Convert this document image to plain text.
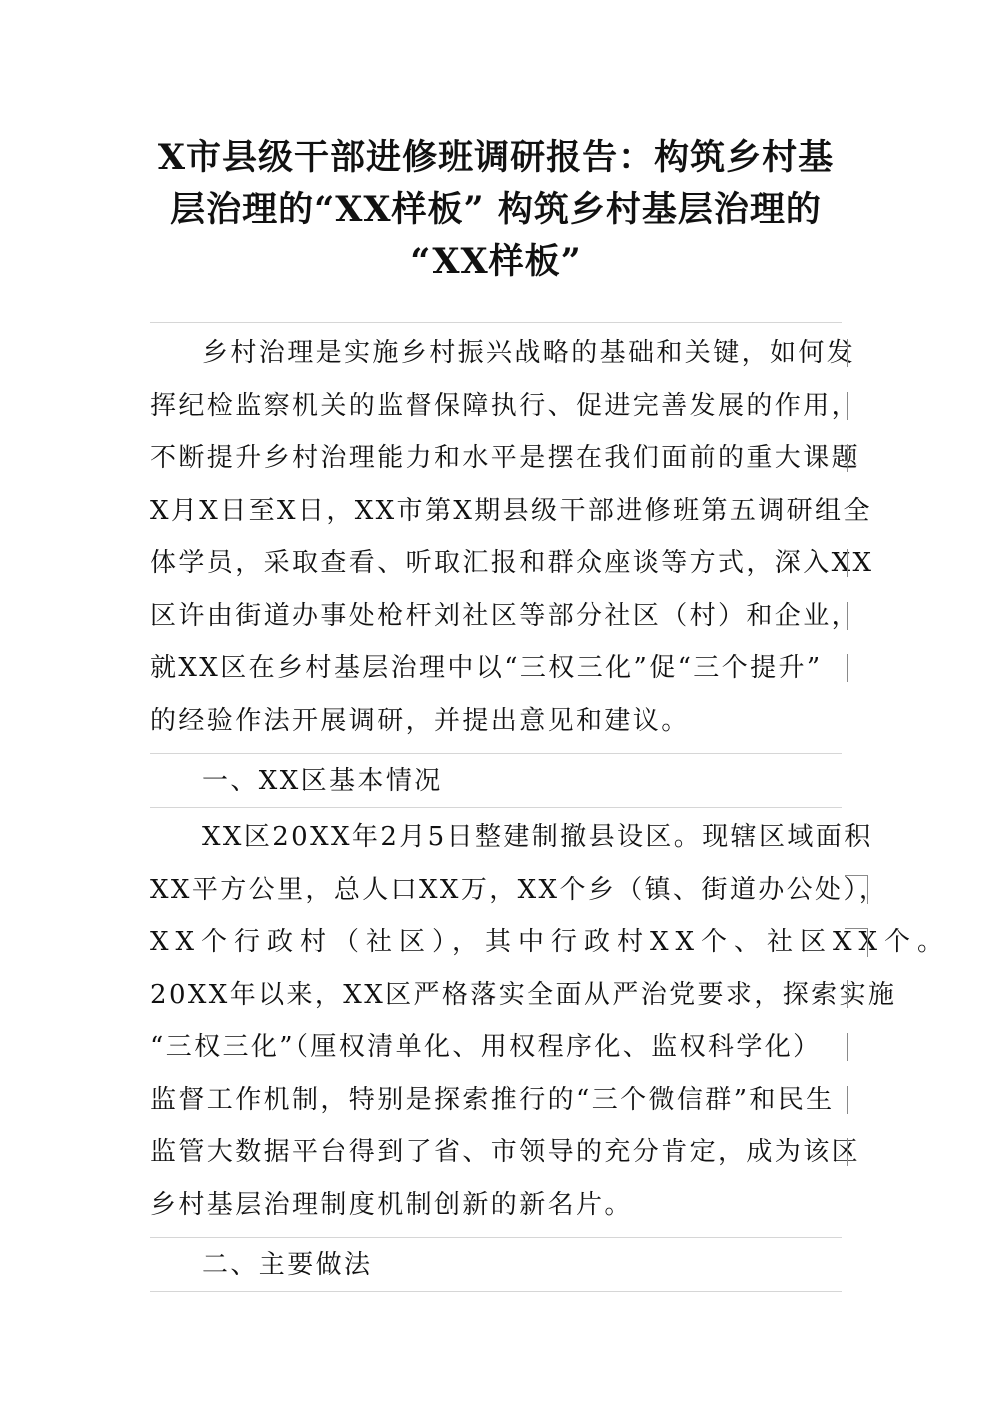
X市县级干部进修班调研报告：构筑乡村基
层治理的“XX样板” 构筑乡村基层治理的
“XX样板”
乡村治理是实施乡村振兴战略的基础和关键，如何发
挥纪检监察机关的监督保障执行、促进完善发展的作用，
不断提升乡村治理能力和水平是摆在我们面前的重大课题
X月X日至X日，XX市第X期县级干部进修班第五调研组全
体学员，采取查看、听取汇报和群众座谈等方式，深入XX
区许由街道办事处枪杆刘社区等部分社区（村）和企业，
就XX区在乡村基层治理中以“三权三化”促“三个提升”
的经验作法开展调研，并提出意见和建议。
一、XX区基本情况
XX区20XX年2月5日整建制撤县设区。现辖区域面积
XX平方公里，总人口XX万，XX个乡（镇、街道办公处），
XX个行政村（社区），其中行政村XX个、社区XX个。
20XX年以来，XX区严格落实全面从严治党要求，探索实施
“三权三化”（厘权清单化、用权程序化、监权科学化）
监督工作机制，特别是探索推行的“三个微信群”和民生
监管大数据平台得到了省、市领导的充分肯定，成为该区
乡村基层治理制度机制创新的新名片。
二、主要做法
